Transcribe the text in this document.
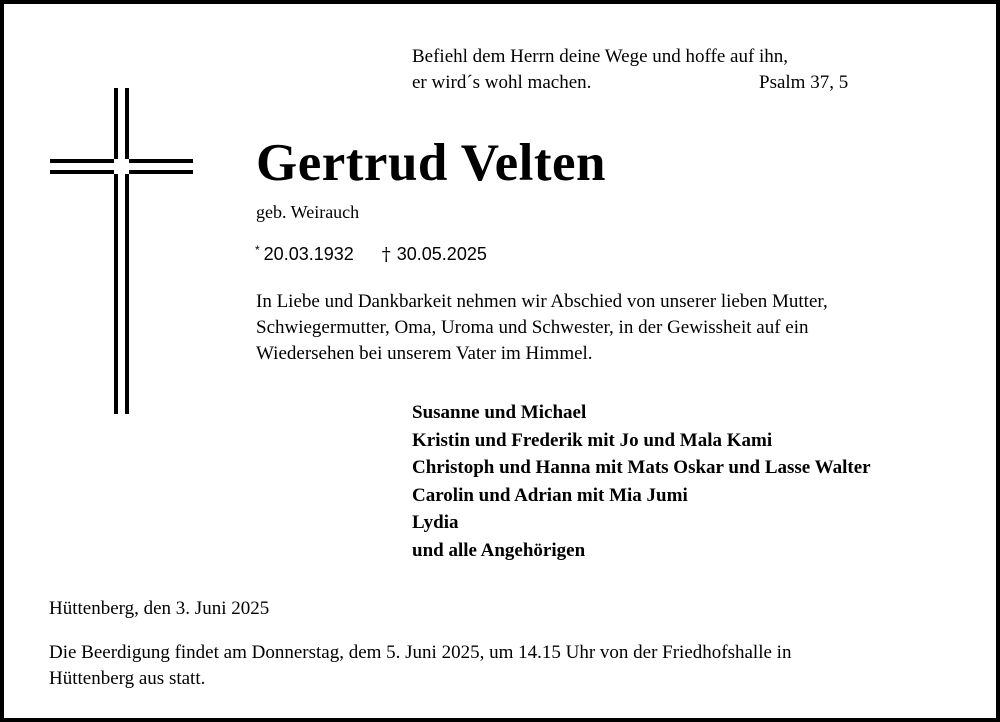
Befiehl dem Herrn deine Wege und hoffe auf ihn,
er wird´s wohl machen.	Psalm 37, 5
Gertrud Velten
geb. Weirauch
* 20.03.1932 † 30.05.2025
In Liebe und Dankbarkeit nehmen wir Abschied von unserer lieben Mutter,
Schwiegermutter, Oma, Uroma und Schwester, in der Gewissheit auf ein
Wiedersehen bei unserem Vater im Himmel.
Susanne und Michael
Kristin und Frederik mit Jo und Mala Kami
Christoph und Hanna mit Mats Oskar und Lasse Walter
Carolin und Adrian mit Mia Jumi
Lydia
und alle Angehörigen
Hüttenberg, den 3. Juni 2025
Die Beerdigung findet am Donnerstag, dem 5. Juni 2025, um 14.15 Uhr von der Friedhofshalle in
Hüttenberg aus statt.
